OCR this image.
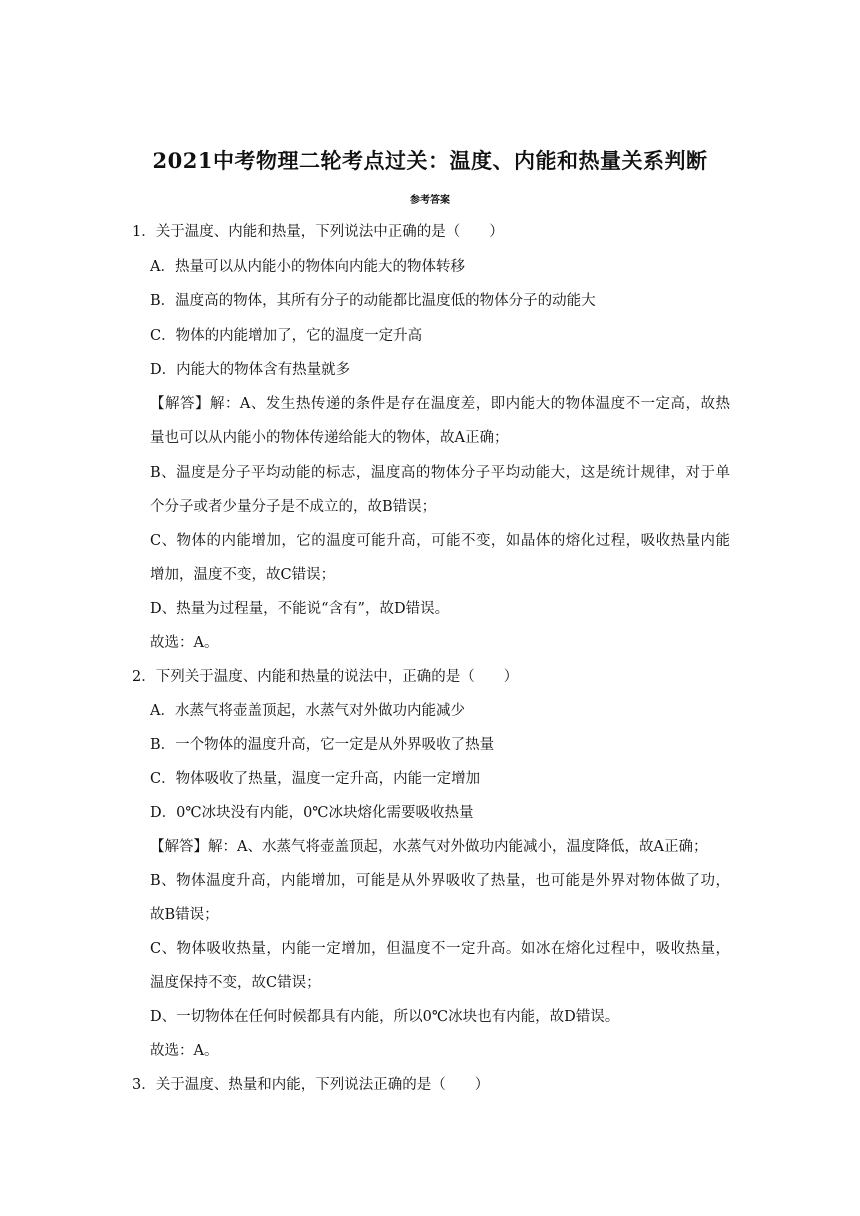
2021中考物理二轮考点过关：温度、内能和热量关系判断
参考答案
1．关于温度、内能和热量，下列说法中正确的是（　　）
A．热量可以从内能小的物体向内能大的物体转移
B．温度高的物体，其所有分子的动能都比温度低的物体分子的动能大
C．物体的内能增加了，它的温度一定升高
D．内能大的物体含有热量就多
【解答】解：A、发生热传递的条件是存在温度差，即内能大的物体温度不一定高，故热
量也可以从内能小的物体传递给能大的物体，故A正确；
B、温度是分子平均动能的标志，温度高的物体分子平均动能大，这是统计规律，对于单
个分子或者少量分子是不成立的，故B错误；
C、物体的内能增加，它的温度可能升高，可能不变，如晶体的熔化过程，吸收热量内能
增加，温度不变，故C错误；
D、热量为过程量，不能说“含有”，故D错误。
故选：A。
2．下列关于温度、内能和热量的说法中，正确的是（　　）
A．水蒸气将壶盖顶起，水蒸气对外做功内能减少
B．一个物体的温度升高，它一定是从外界吸收了热量
C．物体吸收了热量，温度一定升高，内能一定增加
D．0℃冰块没有内能，0℃冰块熔化需要吸收热量
【解答】解：A、水蒸气将壶盖顶起，水蒸气对外做功内能减小，温度降低，故A正确；
B、物体温度升高，内能增加，可能是从外界吸收了热量，也可能是外界对物体做了功，
故B错误；
C、物体吸收热量，内能一定增加，但温度不一定升高。如冰在熔化过程中，吸收热量，
温度保持不变，故C错误；
D、一切物体在任何时候都具有内能，所以0℃冰块也有内能，故D错误。
故选：A。
3．关于温度、热量和内能，下列说法正确的是（　　）
